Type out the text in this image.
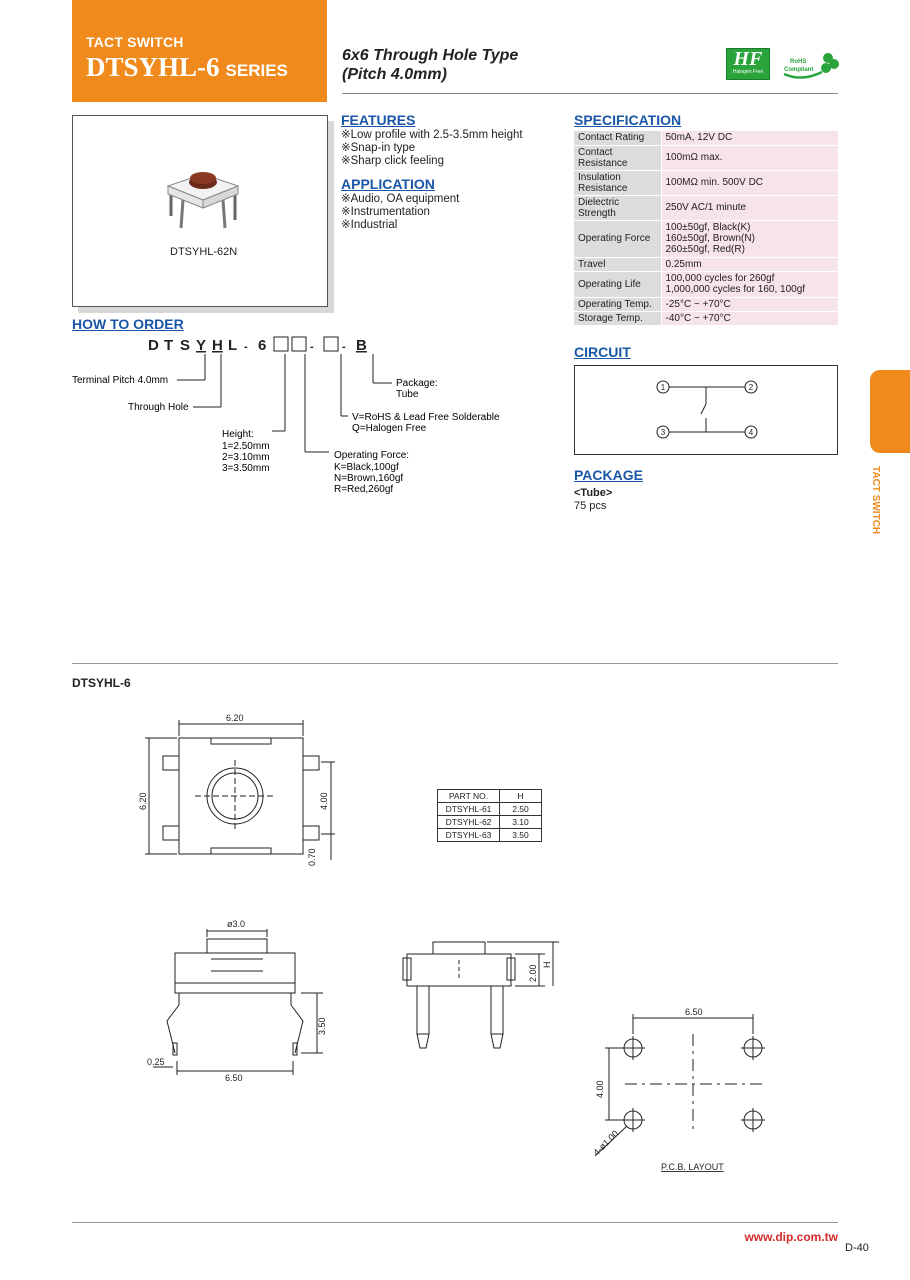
TACT SWITCH
DTSYHL-6 SERIES
6x6 Through Hole Type
(Pitch 4.0mm)
HF
Halogen Free
RoHS
Compliant
DTSYHL-62N
FEATURES
※Low profile with 2.5-3.5mm height
※Snap-in type
※Sharp click feeling
APPLICATION
※Audio, OA equipment
※Instrumentation
※Industrial
SPECIFICATION
Contact Rating	50mA, 12V DC
Contact Resistance	100mΩ max.
Insulation Resistance	100MΩ min. 500V DC
Dielectric Strength	250V AC/1 minute
Operating Force	100±50gf, Black(K)
160±50gf, Brown(N)
260±50gf, Red(R)
Travel	0.25mm
Operating Life	100,000 cycles for 260gf
1,000,000 cycles for 160, 100gf
Operating Temp.	-25°C ~ +70°C
Storage Temp.	-40°C ~ +70°C
HOW TO ORDER
D T S Y H L - 6 □ □ - □ - B
Terminal Pitch 4.0mm
Through Hole
Height:
1=2.50mm
2=3.10mm
3=3.50mm
Operating Force:
K=Black,100gf
N=Brown,160gf
R=Red,260gf
V=RoHS & Lead Free Solderable
Q=Halogen Free
Package:
Tube
CIRCUIT
1	2
3	4
PACKAGE
<Tube>
75 pcs	TACT SWITCH
DTSYHL-6
6.20
6.20	4.00
0.70
PART NO.	H
DTSYHL-61	2.50
DTSYHL-62	3.10
DTSYHL-63	3.50
ø3.0
3.50
0.25
6.50
2.00 H
6.50
4.00
4-ø1.00
P.C.B. LAYOUT
www.dip.com.tw
D-40
